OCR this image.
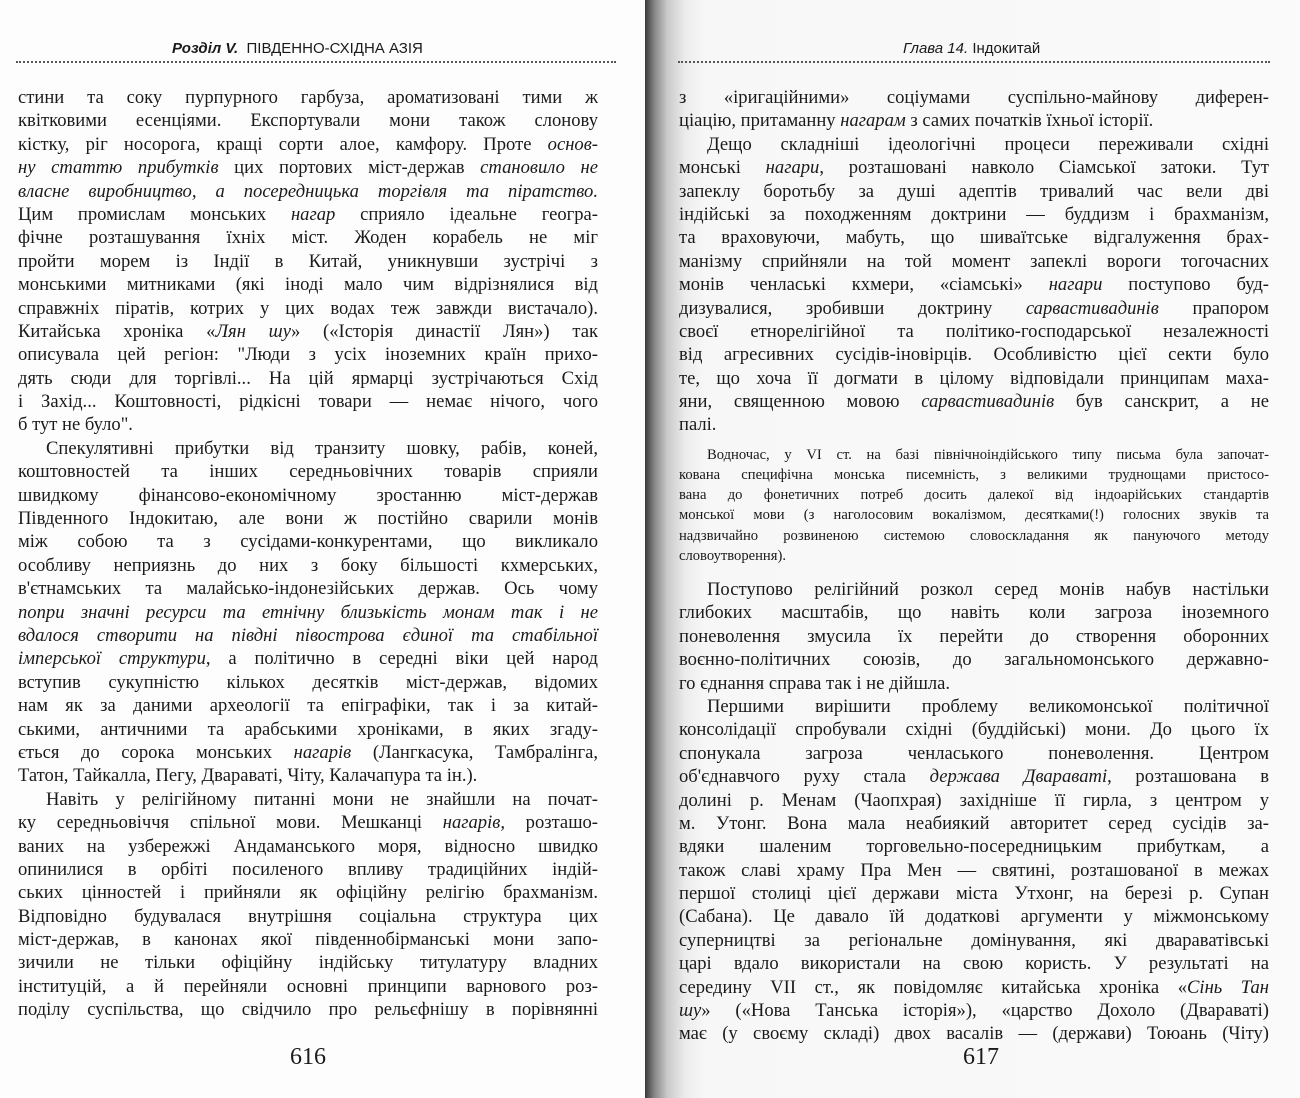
Розділ V. ПІВДЕННО-СХІДНА АЗІЯ
стини та соку пурпурного гарбуза, ароматизовані тими ж
квітковими есенціями. Експортували мони також слонову
кістку, ріг носорога, кращі сорти алое, камфору. Проте основ-
ну статтю прибутків цих портових міст-держав становило не
власне виробництво, а посередницька торгівля та піратство.
Цим промислам монських нагар сприяло ідеальне геогра-
фічне розташування їхніх міст. Жоден корабель не міг
пройти морем із Індії в Китай, уникнувши зустрічі з
монськими митниками (які іноді мало чим відрізнялися від
справжніх піратів, котрих у цих водах теж завжди вистачало).
Китайська хроніка «Лян шу» («Історія династії Лян») так
описувала цей регіон: "Люди з усіх іноземних країн прихо-
дять сюди для торгівлі... На цій ярмарці зустрічаються Схід
і Захід... Коштовності, рідкісні товари — немає нічого, чого
б тут не було".
Спекулятивні прибутки від транзиту шовку, рабів, коней,
коштовностей та інших середньовічних товарів сприяли
швидкому фінансово-економічному зростанню міст-держав
Південного Індокитаю, але вони ж постійно сварили монів
між собою та з сусідами-конкурентами, що викликало
особливу неприязнь до них з боку більшості кхмерських,
в'єтнамських та малайсько-індонезійських держав. Ось чому
попри значні ресурси та етнічну близькість монам так і не
вдалося створити на півдні півострова єдиної та стабільної
імперської структури, а політично в середні віки цей народ
вступив сукупністю кількох десятків міст-держав, відомих
нам як за даними археології та епіграфіки, так і за китай-
ськими, античними та арабськими хроніками, в яких згаду-
ється до сорока монських нагарів (Лангкасука, Тамбралінга,
Татон, Тайкалла, Пегу, Двараваті, Чіту, Калачапура та ін.).
Навіть у релігійному питанні мони не знайшли на почат-
ку середньовіччя спільної мови. Мешканці нагарів, розташо-
ваних на узбережжі Андаманського моря, відносно швидко
опинилися в орбіті посиленого впливу традиційних індій-
ських цінностей і прийняли як офіційну релігію брахманізм.
Відповідно будувалася внутрішня соціальна структура цих
міст-держав, в канонах якої південнобірманські мони запо-
зичили не тільки офіційну індійську титулатуру владних
інституцій, а й перейняли основні принципи варнового роз-
поділу суспільства, що свідчило про рельєфнішу в порівнянні
616
Глава 14. Індокитай
з «іригаційними» соціумами суспільно-майнову диферен-
ціацію, притаманну нагарам з самих початків їхньої історії.
Дещо складніші ідеологічні процеси переживали східні
монські нагари, розташовані навколо Сіамської затоки. Тут
запеклу боротьбу за душі адептів тривалий час вели дві
індійські за походженням доктрини — буддизм і брахманізм,
та враховуючи, мабуть, що шиваїтське відгалуження брах-
манізму сприйняли на той момент запеклі вороги тогочасних
монів ченлаські кхмери, «сіамські» нагари поступово буд-
дизувалися, зробивши доктрину сарвастивадинів прапором
своєї етнорелігійної та політико-господарської незалежності
від агресивних сусідів-іновірців. Особливістю цієї секти було
те, що хоча її догмати в цілому відповідали принципам маха-
яни, священною мовою сарвастивадинів був санскрит, а не
палі.
Водночас, у VI ст. на базі північноіндійського типу письма була започат-
кована специфічна монська писемність, з великими труднощами пристосо-
вана до фонетичних потреб досить далекої від індоарійських стандартів
монської мови (з наголосовим вокалізмом, десятками(!) голосних звуків та
надзвичайно розвиненою системою словоскладання як пануючого методу
словоутворення).
Поступово релігійний розкол серед монів набув настільки
глибоких масштабів, що навіть коли загроза іноземного
поневолення змусила їх перейти до створення оборонних
воєнно-політичних союзів, до загальномонського державно-
го єднання справа так і не дійшла.
Першими вирішити проблему великомонської політичної
консолідації спробували східні (буддійські) мони. До цього їх
спонукала загроза ченласького поневолення. Центром
об'єднавчого руху стала держава Двараваті, розташована в
долині р. Менам (Чаопхрая) західніше її гирла, з центром у
м. Утонг. Вона мала неабиякий авторитет серед сусідів за-
вдяки шаленим торговельно-посередницьким прибуткам, а
також славі храму Пра Мен — святині, розташованої в межах
першої столиці цієї держави міста Утхонг, на березі р. Супан
(Сабана). Це давало їй додаткові аргументи у міжмонському
суперництві за регіональне домінування, які двараватівські
царі вдало використали на свою користь. У результаті на
середину VII ст., як повідомляє китайська хроніка «Сінь Тан
шу» («Нова Танська історія»), «царство Дохоло (Двараваті)
має (у своєму складі) двох васалів — (держави) Тоюань (Чіту)
617
